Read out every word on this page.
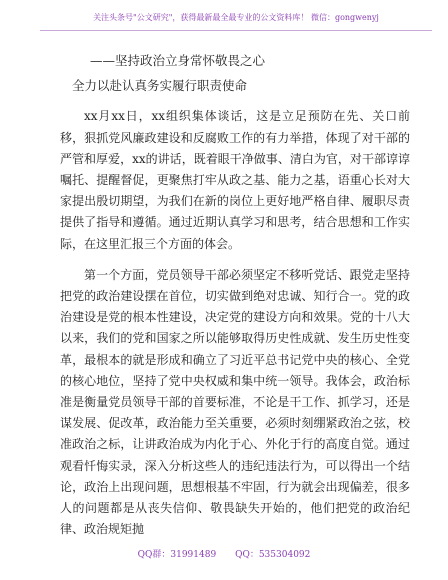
关注头条号"公文研究"，获得最新最全最专业的公文资料库！ 微信：gongwenyj
——坚持政治立身常怀敬畏之心
全力以赴认真务实履行职责使命

xx月xx日，xx组织集体谈话，这是立足预防在先、关口前移，狠抓党风廉政建设和反腐败工作的有力举措，体现了对干部的严管和厚爱，xx的讲话，既着眼干净做事、清白为官，对干部谆谆嘱托、提醒督促，更聚焦打牢从政之基、能力之基，语重心长对大家提出殷切期望，为我们在新的岗位上更好地严格自律、履职尽责提供了指导和遵循。通过近期认真学习和思考，结合思想和工作实际，在这里汇报三个方面的体会。

第一个方面，党员领导干部必须坚定不移听党话、跟党走坚持把党的政治建设摆在首位，切实做到绝对忠诚、知行合一。党的政治建设是党的根本性建设，决定党的建设方向和效果。党的十八大以来，我们的党和国家之所以能够取得历史性成就、发生历史性变革，最根本的就是形成和确立了习近平总书记党中央的核心、全党的核心地位，坚持了党中央权威和集中统一领导。我体会，政治标准是衡量党员领导干部的首要标准，不论是干工作、抓学习，还是谋发展、促改革，政治能力至关重要，必须时刻绷紧政治之弦，校准政治之标，让讲政治成为内化于心、外化于行的高度自觉。通过观看忏悔实录，深入分析这些人的违纪违法行为，可以得出一个结论，政治上出现问题，思想根基不牢固，行为就会出现偏差，很多人的问题都是从丧失信仰、敬畏缺失开始的，他们把党的政治纪律、政治规矩抛

QQ群：31991489 QQ：535304092
